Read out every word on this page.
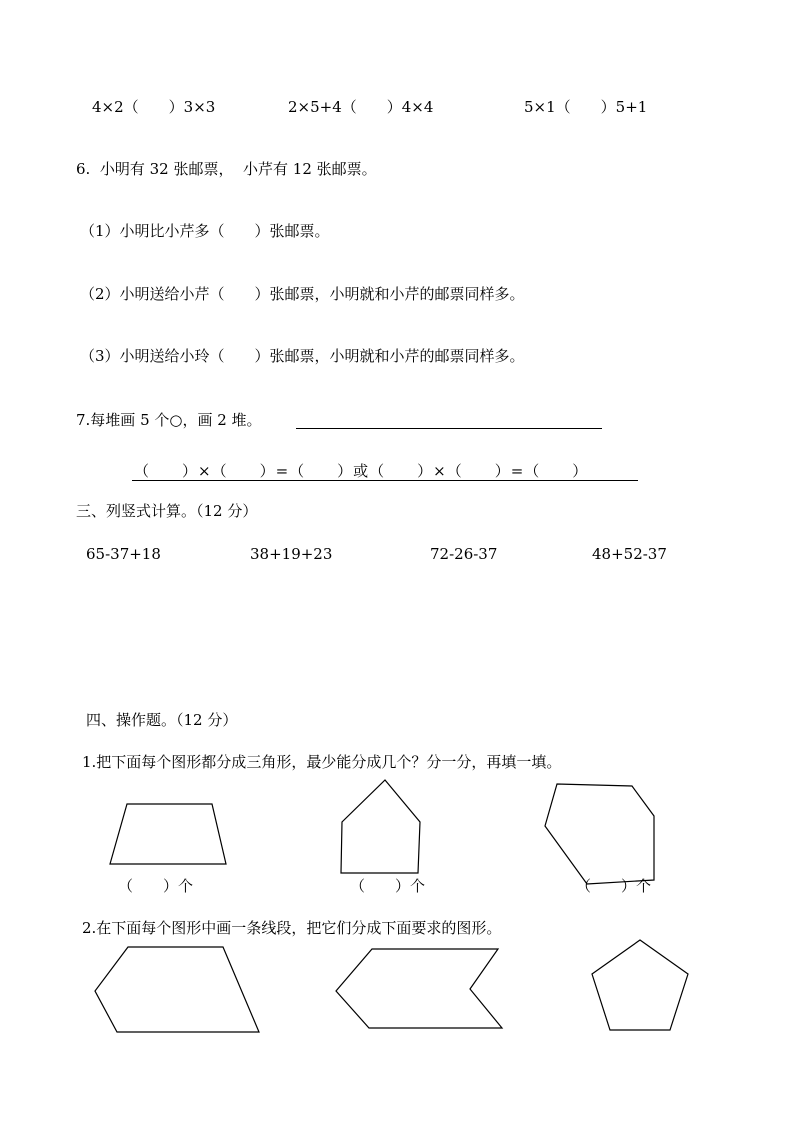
4×2（　　）3×3	2×5+4（　　）4×4	5×1（　　）5+1
6.  小明有 32 张邮票，  小芹有 12 张邮票。
（1）小明比小芹多（　　）张邮票。
（2）小明送给小芹（　　）张邮票，小明就和小芹的邮票同样多。
（3）小明送给小玲（　　）张邮票，小明就和小芹的邮票同样多。
7.每堆画 5 个○，画 2 堆。
（　　）×（　　）=（　　）或（　　）×（　　）=（　　）
三、列竖式计算。（12 分）
65-37+18	38+19+23	72-26-37	48+52-37
四、操作题。（12 分）
1.把下面每个图形都分成三角形，最少能分成几个？分一分，再填一填。
（　　）个	（　　）个	（　　）个
2.在下面每个图形中画一条线段，把它们分成下面要求的图形。
